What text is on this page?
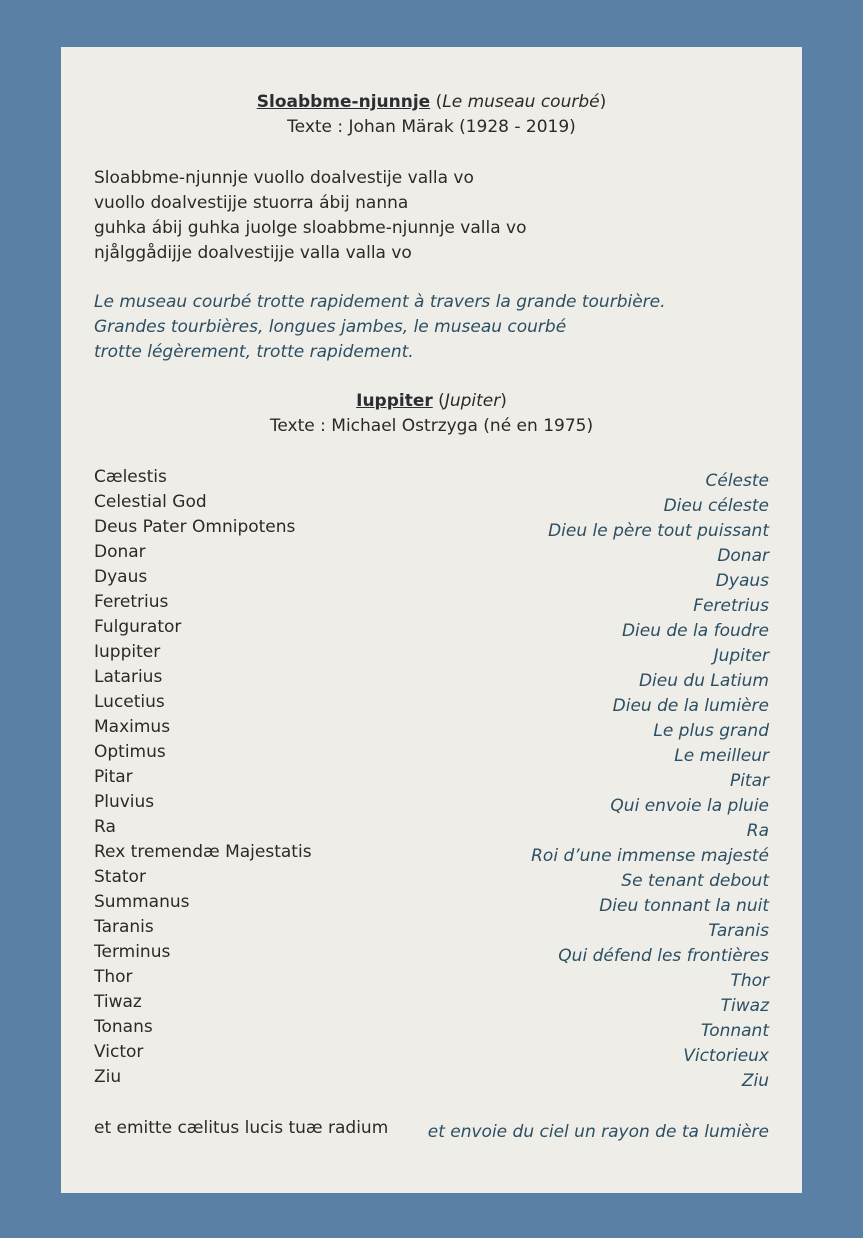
Sloabbme-njunnje (Le museau courbé)
Texte : Johan Märak (1928 - 2019)
Sloabbme-njunnje vuollo doalvestije valla vo
vuollo doalvestijje stuorra ábij nanna
guhka ábij guhka juolge sloabbme-njunnje valla vo
njålggådijje doalvestijje valla valla vo
Le museau courbé trotte rapidement à travers la grande tourbière.
Grandes tourbières, longues jambes, le museau courbé
trotte légèrement, trotte rapidement.
Iuppiter (Jupiter)
Texte : Michael Ostrzyga (né en 1975)
Cælestis
Celestial God
Deus Pater Omnipotens
Donar
Dyaus
Feretrius
Fulgurator
Iuppiter
Latarius
Lucetius
Maximus
Optimus
Pitar
Pluvius
Ra
Rex tremendæ Majestatis
Stator
Summanus
Taranis
Terminus
Thor
Tiwaz
Tonans
Victor
Ziu
Céleste
Dieu céleste
Dieu le père tout puissant
Donar
Dyaus
Feretrius
Dieu de la foudre
Jupiter
Dieu du Latium
Dieu de la lumière
Le plus grand
Le meilleur
Pitar
Qui envoie la pluie
Ra
Roi d’une immense majesté
Se tenant debout
Dieu tonnant la nuit
Taranis
Qui défend les frontières
Thor
Tiwaz
Tonnant
Victorieux
Ziu
et emitte cælitus lucis tuæ radium et envoie du ciel un rayon de ta lumière
